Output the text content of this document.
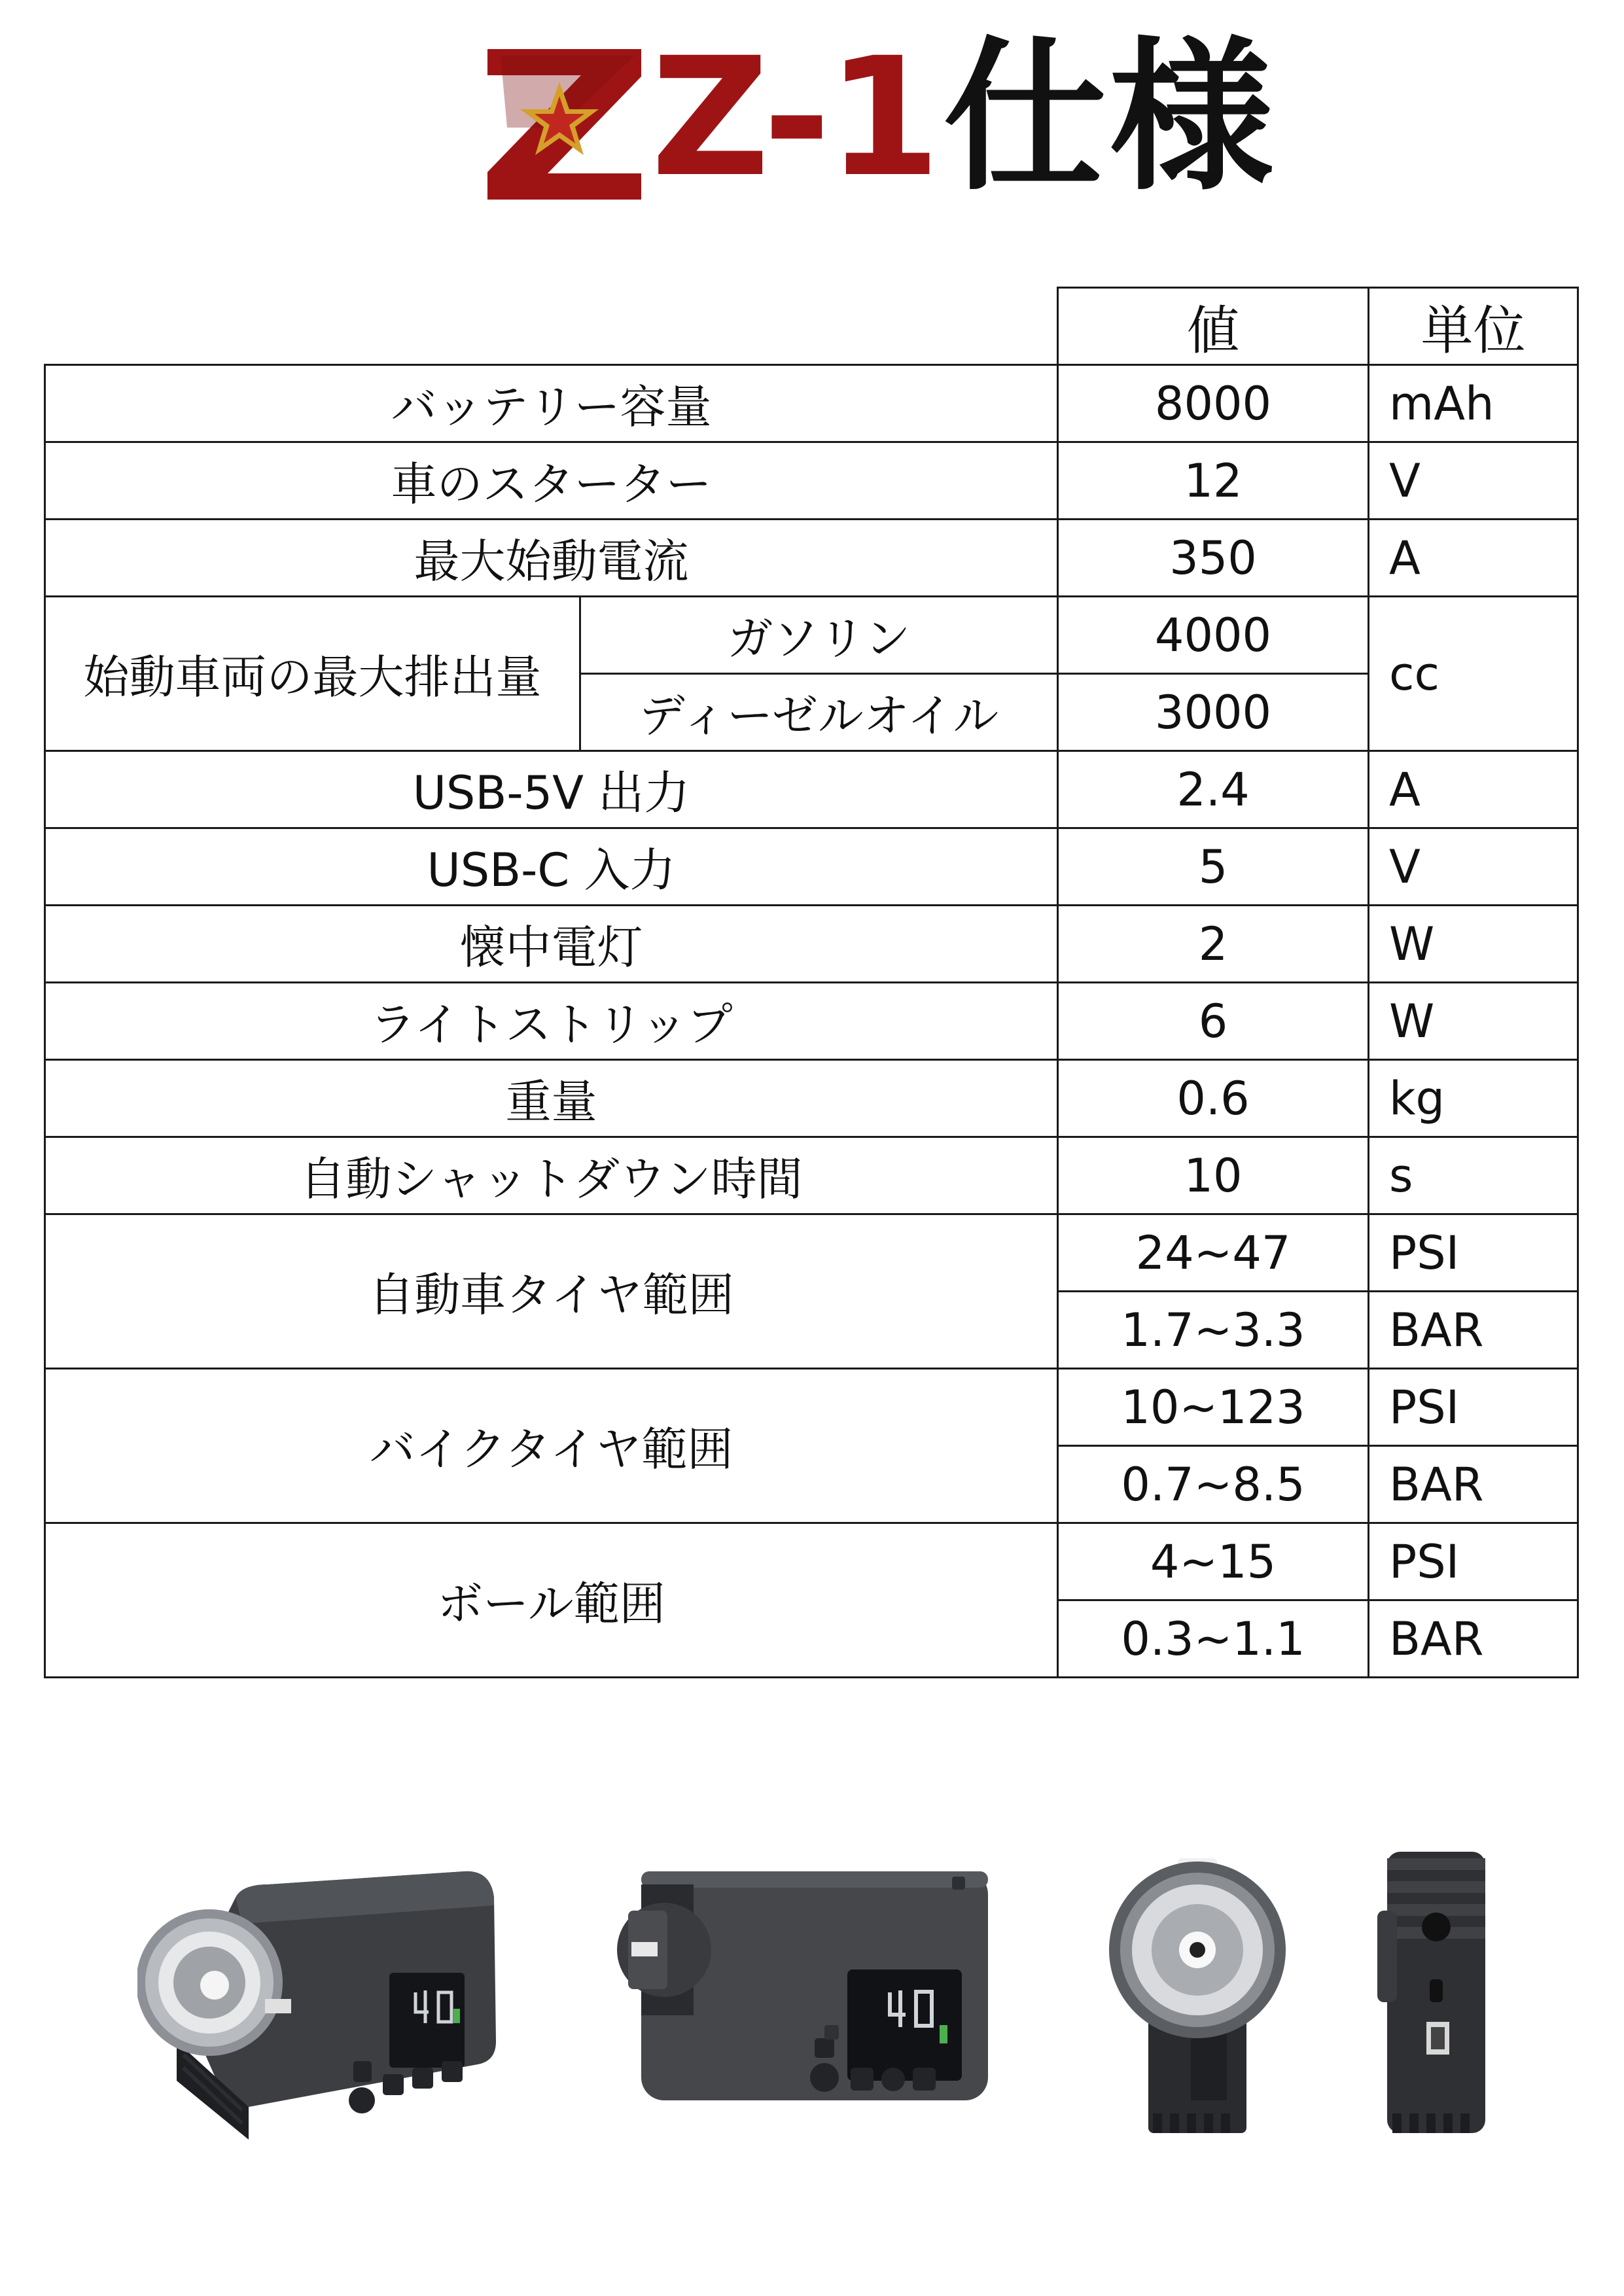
Z-1仕様
		値	単位
バッテリー容量		8000	mAh
車のスターター		12	V
最大始動電流		350	A
始動車両の最大排出量	ガソリン	4000	cc
	ディーゼルオイル	3000	
USB-5V 出力		2.4	A
USB-C 入力		5	V
懐中電灯		2	W
ライトストリップ		6	W
重量		0.6	kg
自動シャットダウン時間		10	s
自動車タイヤ範囲		24~47	PSI
		1.7~3.3	BAR
バイクタイヤ範囲		10~123	PSI
		0.7~8.5	BAR
ボール範囲		4~15	PSI
		0.3~1.1	BAR
